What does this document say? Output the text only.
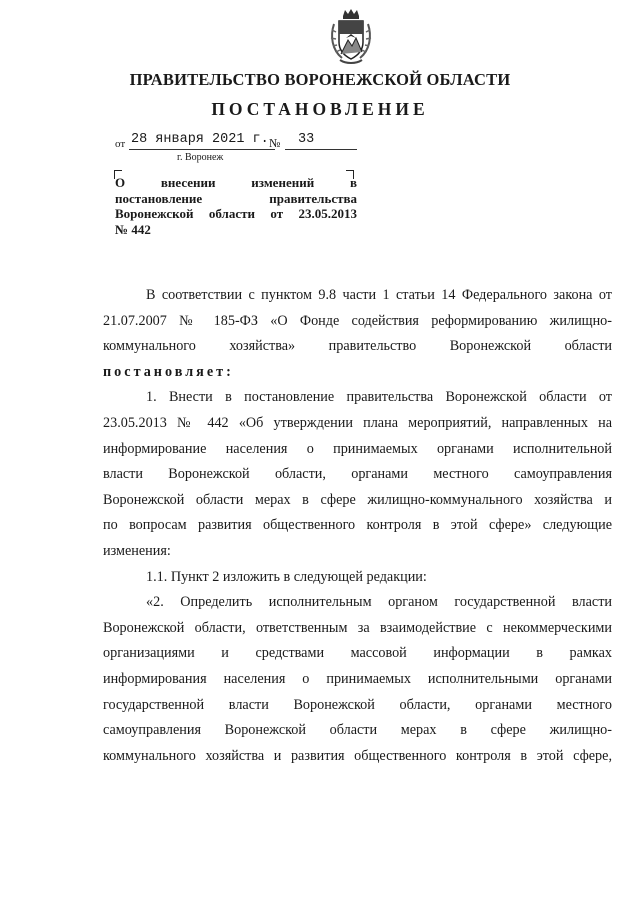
ПРАВИТЕЛЬСТВО ВОРОНЕЖСКОЙ ОБЛАСТИ
ПОСТАНОВЛЕНИЕ
от 28 января 2021 г. № 33
г. Воронеж
О внесении изменений в
постановление правительства
Воронежской области от 23.05.2013
№ 442
В соответствии с пунктом 9.8 части 1 статьи 14 Федерального закона от
21.07.2007 № 185-ФЗ «О Фонде содействия реформированию жилищно-
коммунального хозяйства» правительство Воронежской области
постановляет:
1. Внести в постановление правительства Воронежской области от
23.05.2013 № 442 «Об утверждении плана мероприятий, направленных на
информирование населения о принимаемых органами исполнительной
власти Воронежской области, органами местного самоуправления
Воронежской области мерах в сфере жилищно-коммунального хозяйства и
по вопросам развития общественного контроля в этой сфере» следующие
изменения:
1.1. Пункт 2 изложить в следующей редакции:
«2. Определить исполнительным органом государственной власти
Воронежской области, ответственным за взаимодействие с некоммерческими
организациями и средствами массовой информации в рамках
информирования населения о принимаемых исполнительными органами
государственной власти Воронежской области, органами местного
самоуправления Воронежской области мерах в сфере жилищно-
коммунального хозяйства и развития общественного контроля в этой сфере,
